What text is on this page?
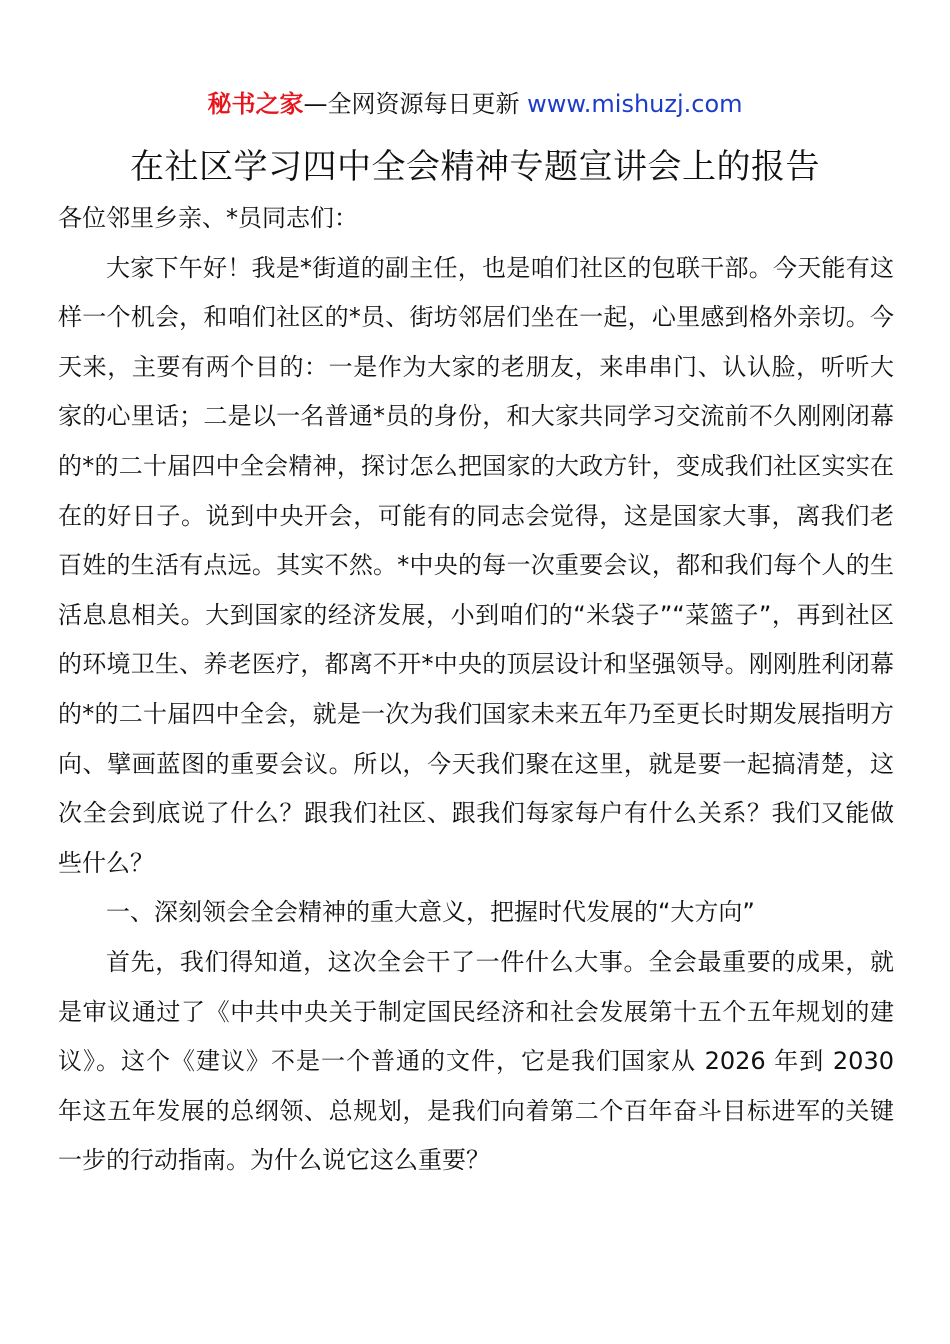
秘书之家—全网资源每日更新 www.mishuzj.com
在社区学习四中全会精神专题宣讲会上的报告

各位邻里乡亲、*员同志们：

大家下午好！我是*街道的副主任，也是咱们社区的包联干部。今天能有这样一个机会，和咱们社区的*员、街坊邻居们坐在一起，心里感到格外亲切。今天来，主要有两个目的：一是作为大家的老朋友，来串串门、认认脸，听听大家的心里话；二是以一名普通*员的身份，和大家共同学习交流前不久刚刚闭幕的*的二十届四中全会精神，探讨怎么把国家的大政方针，变成我们社区实实在在的好日子。说到中央开会，可能有的同志会觉得，这是国家大事，离我们老百姓的生活有点远。其实不然。*中央的每一次重要会议，都和我们每个人的生活息息相关。大到国家的经济发展，小到咱们的“米袋子”“菜篮子”，再到社区的环境卫生、养老医疗，都离不开*中央的顶层设计和坚强领导。刚刚胜利闭幕的*的二十届四中全会，就是一次为我们国家未来五年乃至更长时期发展指明方向、擘画蓝图的重要会议。所以，今天我们聚在这里，就是要一起搞清楚，这次全会到底说了什么？跟我们社区、跟我们每家每户有什么关系？我们又能做些什么？

一、深刻领会全会精神的重大意义，把握时代发展的“大方向”

首先，我们得知道，这次全会干了一件什么大事。全会最重要的成果，就是审议通过了《中共中央关于制定国民经济和社会发展第十五个五年规划的建议》。这个《建议》不是一个普通的文件，它是我们国家从 2026 年到 2030 年这五年发展的总纲领、总规划，是我们向着第二个百年奋斗目标进军的关键一步的行动指南。为什么说它这么重要？
